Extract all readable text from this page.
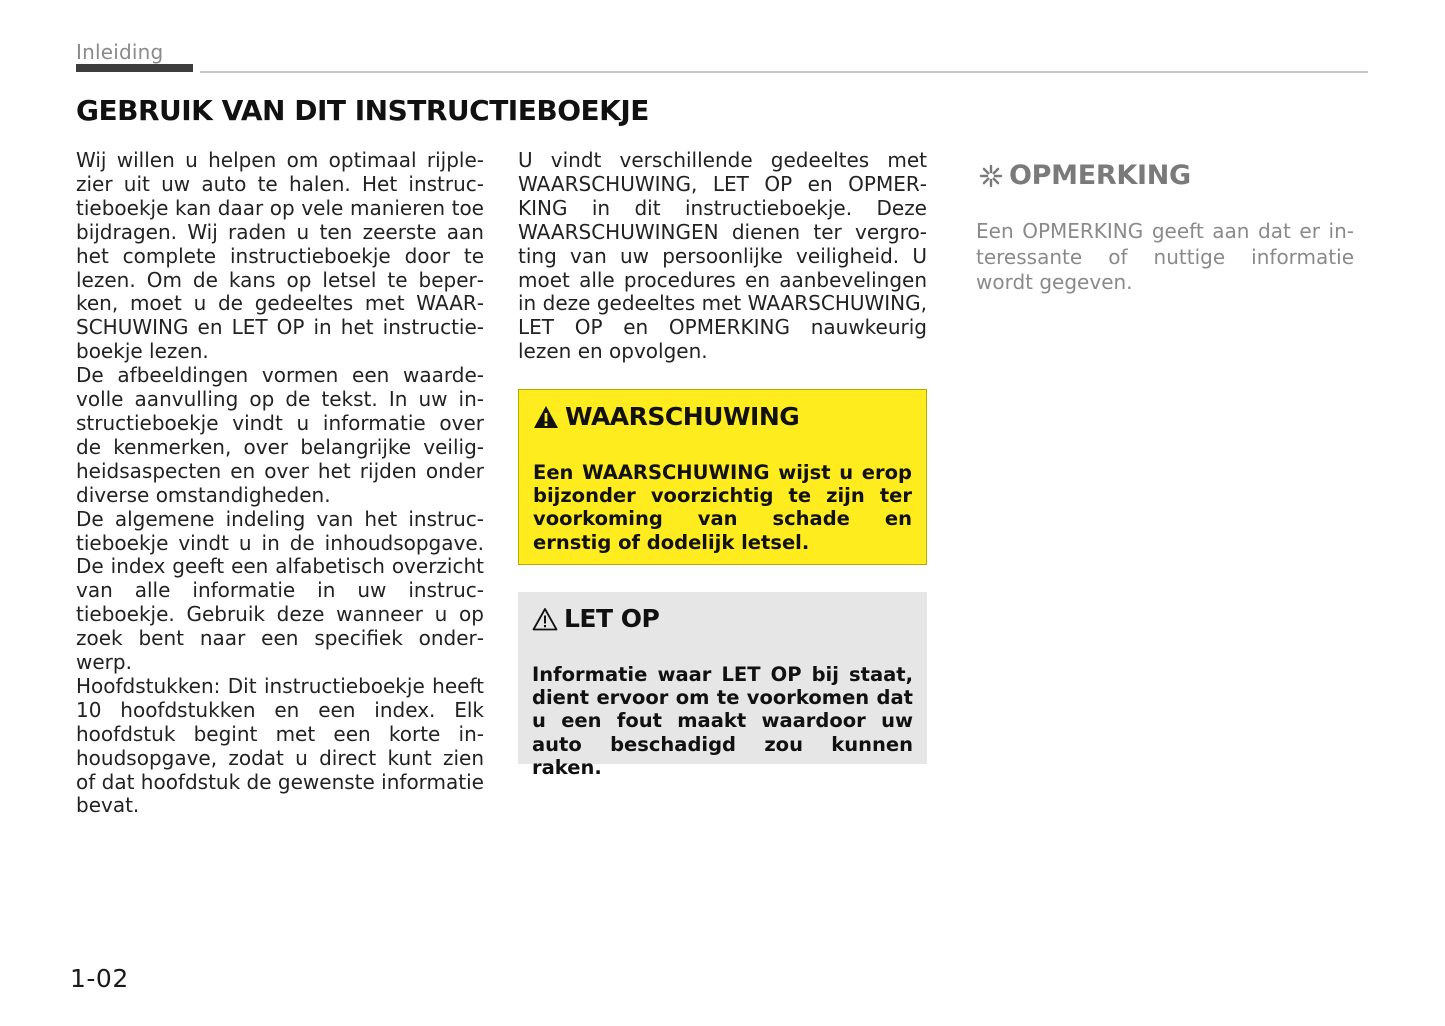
Inleiding
GEBRUIK VAN DIT INSTRUCTIEBOEKJE

Wij willen u helpen om optimaal rijplezier uit uw auto te halen. Het instructieboekje kan daar op vele manieren toe bijdragen. Wij raden u ten zeerste aan het complete instructieboekje door te lezen. Om de kans op letsel te beperken, moet u de gedeeltes met WAARSCHUWING en LET OP in het instructieboekje lezen.

De afbeeldingen vormen een waardevolle aanvulling op de tekst. In uw instructieboekje vindt u informatie over de kenmerken, over belangrijke veiligheidsaspecten en over het rijden onder diverse omstandigheden.

De algemene indeling van het instructieboekje vindt u in de inhoudsopgave. De index geeft een alfabetisch overzicht van alle informatie in uw instructieboekje. Gebruik deze wanneer u op zoek bent naar een specifiek onderwerp.

Hoofdstukken: Dit instructieboekje heeft 10 hoofdstukken en een index. Elk hoofdstuk begint met een korte inhoudsopgave, zodat u direct kunt zien of dat hoofdstuk de gewenste informatie bevat.

U vindt verschillende gedeeltes met WAARSCHUWING, LET OP en OPMERKING in dit instructieboekje. Deze WAARSCHUWINGEN dienen ter vergroting van uw persoonlijke veiligheid. U moet alle procedures en aanbevelingen in deze gedeeltes met WAARSCHUWING, LET OP en OPMERKING nauwkeurig lezen en opvolgen.

WAARSCHUWING
Een WAARSCHUWING wijst u erop bijzonder voorzichtig te zijn ter voorkoming van schade en ernstig of dodelijk letsel.
LET OP
Informatie waar LET OP bij staat, dient ervoor om te voorkomen dat u een fout maakt waardoor uw auto beschadigd zou kunnen raken.
OPMERKING
Een OPMERKING geeft aan dat er interessante of nuttige informatie wordt gegeven.
1-02
